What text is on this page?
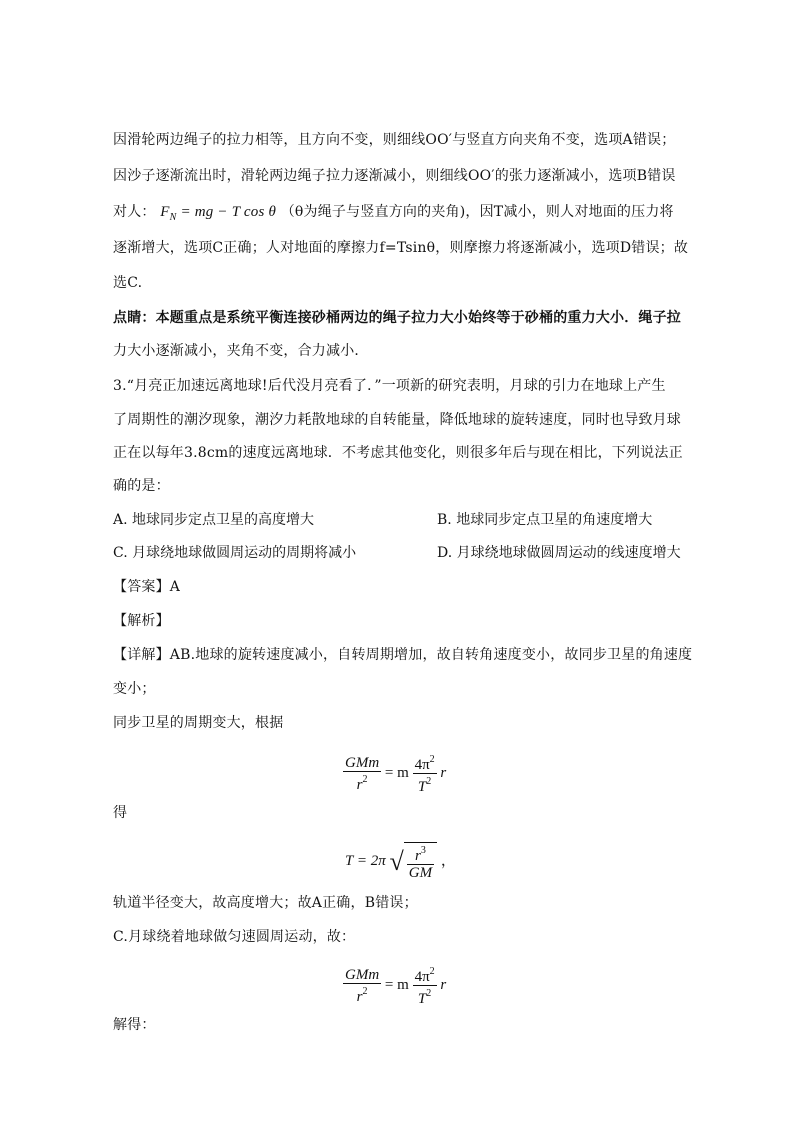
因滑轮两边绳子的拉力相等，且方向不变，则细线OO′与竖直方向夹角不变，选项A错误；
因沙子逐渐流出时，滑轮两边绳子拉力逐渐减小，则细线OO′的张力逐渐减小，选项B错误
对人： $F_N$ = mg − T cos θ （θ为绳子与竖直方向的夹角)，因T减小，则人对地面的压力将
逐渐增大，选项C正确；人对地面的摩擦力f=Tsinθ，则摩擦力将逐渐减小，选项D错误；故
选C.
点睛：本题重点是系统平衡连接砂桶两边的绳子拉力大小始终等于砂桶的重力大小．绳子拉
力大小逐渐减小，夹角不变，合力减小．
3.“月亮正加速远离地球!后代没月亮看了．”一项新的研究表明，月球的引力在地球上产生
了周期性的潮汐现象，潮汐力耗散地球的自转能量，降低地球的旋转速度，同时也导致月球
正在以每年3.8cm的速度远离地球．不考虑其他变化，则很多年后与现在相比，下列说法正
确的是：
A. 地球同步定点卫星的高度增大	B. 地球同步定点卫星的角速度增大
C. 月球绕地球做圆周运动的周期将减小	D. 月球绕地球做圆周运动的线速度增大
【答案】A
【解析】
【详解】AB.地球的旋转速度减小，自转周期增加，故自转角速度变小，故同步卫星的角速度
变小；
同步卫星的周期变大，根据
$\frac{\text{GMm}}{r^2} = m \frac{4\pi^2}{T^2}$ r
得
T = 2π √ $\frac{r^3}{GM}$ ，
轨道半径变大，故高度增大；故A正确，B错误；
C.月球绕着地球做匀速圆周运动，故：
$\frac{\text{GMm}}{r^2} = m \frac{4\pi^2}{T^2}$ r
解得：
